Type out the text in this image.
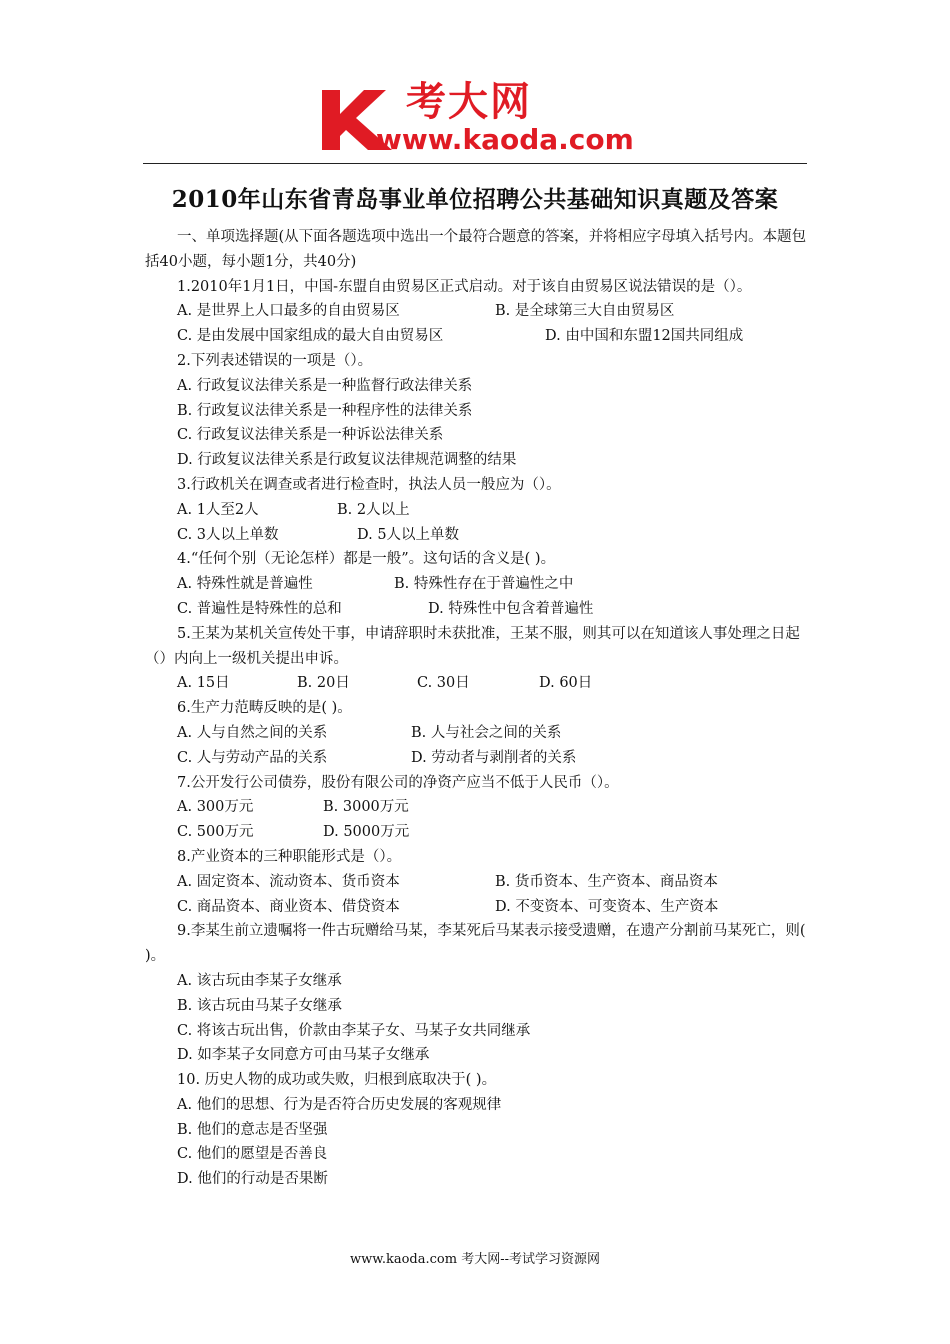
考大网
www.kaoda.com
2010年山东省青岛事业单位招聘公共基础知识真题及答案
一、单项选择题(从下面各题选项中选出一个最符合题意的答案，并将相应字母填入括号内。本题包括40小题，每小题1分，共40分)
1.2010年1月1日，中国-东盟自由贸易区正式启动。对于该自由贸易区说法错误的是（）。
A. 是世界上人口最多的自由贸易区	B. 是全球第三大自由贸易区
C. 是由发展中国家组成的最大自由贸易区	D. 由中国和东盟12国共同组成
2.下列表述错误的一项是（）。
A. 行政复议法律关系是一种监督行政法律关系
B. 行政复议法律关系是一种程序性的法律关系
C. 行政复议法律关系是一种诉讼法律关系
D. 行政复议法律关系是行政复议法律规范调整的结果
3.行政机关在调查或者进行检查时，执法人员一般应为（）。
A. 1人至2人	B. 2人以上
C. 3人以上单数	D. 5人以上单数
4.“任何个别（无论怎样）都是一般”。这句话的含义是( )。
A. 特殊性就是普遍性	B. 特殊性存在于普遍性之中
C. 普遍性是特殊性的总和	D. 特殊性中包含着普遍性
5.王某为某机关宣传处干事，申请辞职时未获批准，王某不服，则其可以在知道该人事处理之日起（）内向上一级机关提出申诉。
A. 15日	B. 20日	C. 30日	D. 60日
6.生产力范畴反映的是( )。
A. 人与自然之间的关系	B. 人与社会之间的关系
C. 人与劳动产品的关系	D. 劳动者与剥削者的关系
7.公开发行公司债券，股份有限公司的净资产应当不低于人民币（）。
A. 300万元	B. 3000万元
C. 500万元	D. 5000万元
8.产业资本的三种职能形式是（）。
A. 固定资本、流动资本、货币资本	B. 货币资本、生产资本、商品资本
C. 商品资本、商业资本、借贷资本	D. 不变资本、可变资本、生产资本
9.李某生前立遗嘱将一件古玩赠给马某，李某死后马某表示接受遗赠，在遗产分割前马某死亡，则( )。
A. 该古玩由李某子女继承
B. 该古玩由马某子女继承
C. 将该古玩出售，价款由李某子女、马某子女共同继承
D. 如李某子女同意方可由马某子女继承
10. 历史人物的成功或失败，归根到底取决于( )。
A. 他们的思想、行为是否符合历史发展的客观规律
B. 他们的意志是否坚强
C. 他们的愿望是否善良
D. 他们的行动是否果断
www.kaoda.com 考大网--考试学习资源网
